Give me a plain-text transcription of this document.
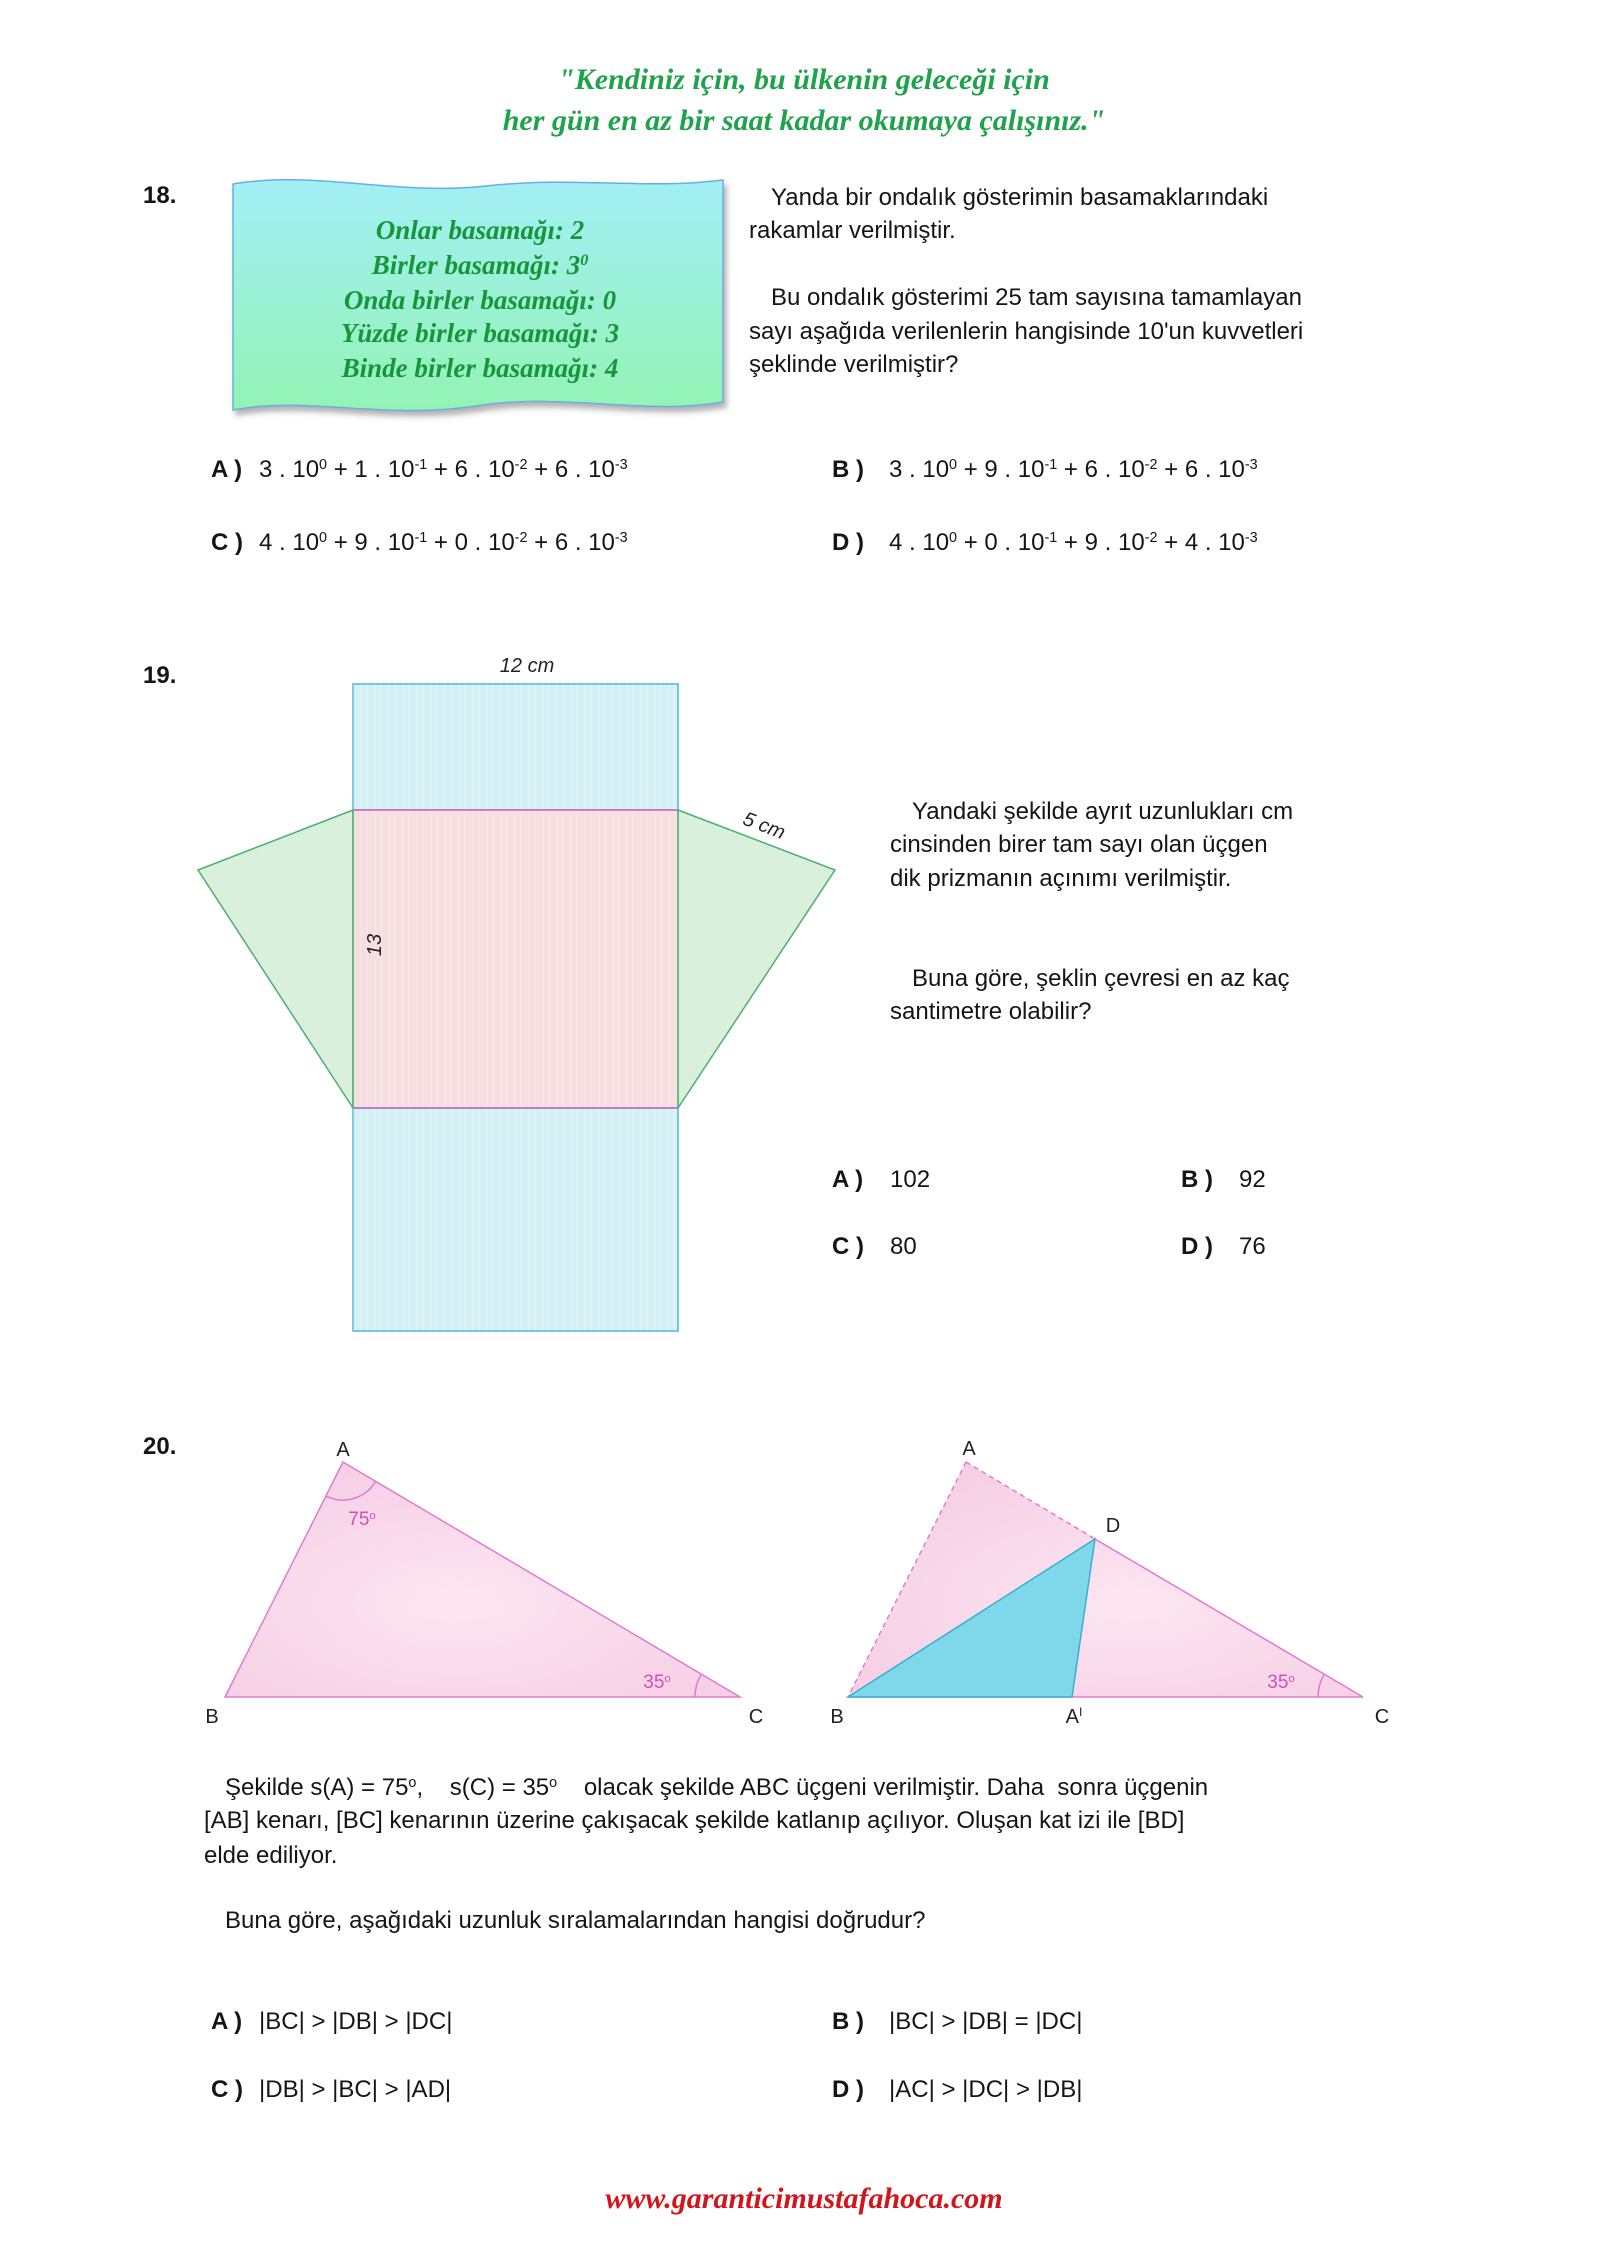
"Kendiniz için, bu ülkenin geleceği için
her gün en az bir saat kadar okumaya çalışınız."
18.
Onlar basamağı: 2
Birler basamağı: $3^0$
Onda birler basamağı: 0
Yüzde birler basamağı: 3
Binde birler basamağı: 4
Yanda bir ondalık gösterimin basamaklarındaki
rakamlar verilmiştir.
Bu ondalık gösterimi 25 tam sayısına tamamlayan
sayı aşağıda verilenlerin hangisinde 10'un kuvvetleri
şeklinde verilmiştir?
A ) 3 . $10^0 + 1$ . $10^{-1} + 6$ . $10^{-2} + 6$ . $10^{-3}$	B ) 3 . $10^0 + 9$ . $10^{-1} + 6$ . $10^{-2} + 6$ . $10^{-3}$
C ) 4 . $10^0 + 9$ . $10^{-1} + 0$ . $10^{-2} + 6$ . $10^{-3}$	D ) 4 . $10^0 + 0$ . $10^{-1} + 9$ . $10^{-2} + 4$ . $10^{-3}$
19.	12 cm
5 cm
13
Yandaki şekilde ayrıt uzunlukları cm
cinsinden birer tam sayı olan üçgen
dik prizmanın açınımı verilmiştir.
Buna göre, şeklin çevresi en az kaç
santimetre olabilir?
A ) 102	B ) 92
C ) 80	D ) 76
20.	A
B	C
75$^o$
35$^o$
A
D
B	$A^I$	C
35$^o$
Şekilde $s(A) = 75^o$,    $s(C) = 35^o$    olacak şekilde ABC üçgeni verilmiştir. Daha  sonra üçgenin
[AB] kenarı, [BC] kenarının üzerine çakışacak şekilde katlanıp açılıyor. Oluşan kat izi ile [BD]
elde ediliyor.
Buna göre, aşağıdaki uzunluk sıralamalarından hangisi doğrudur?
A ) |BC| > |DB| > |DC|	B ) |BC| > |DB| = |DC|
C ) |DB| > |BC| > |AD|	D ) |AC| > |DC| > |DB|
www.garanticimustafahoca.com
